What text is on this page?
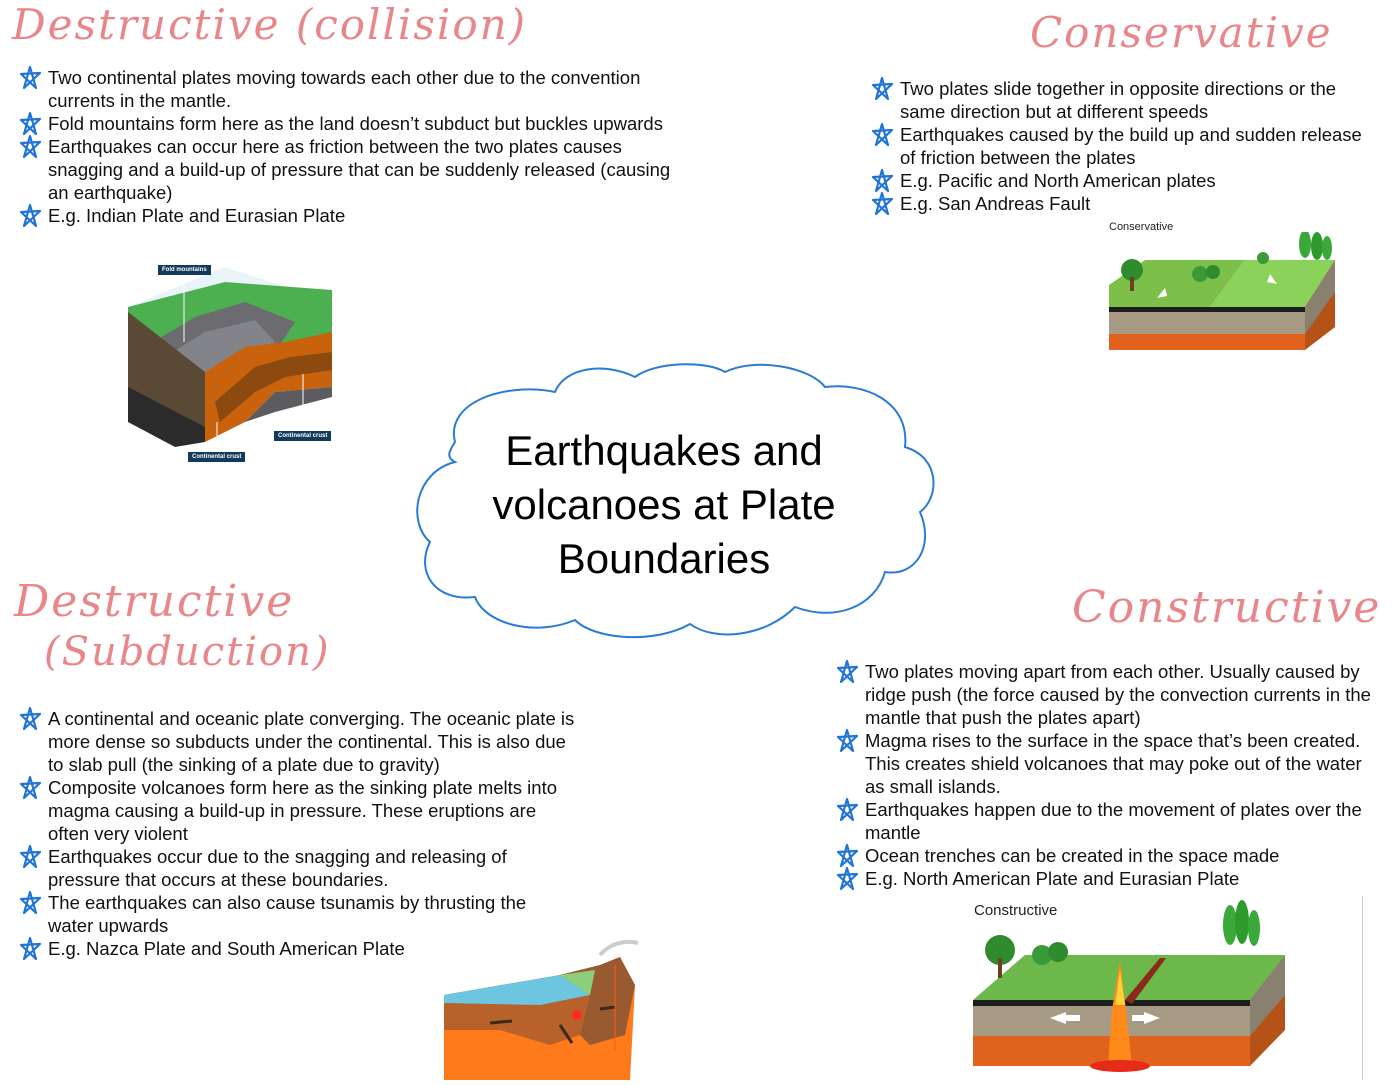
Destructive (collision)
Two continental plates moving towards each other due to the convention currents in the mantle.
Fold mountains form here as the land doesn’t subduct but buckles upwards
Earthquakes can occur here as friction between the two plates causes snagging and a build-up of pressure that can be suddenly released (causing an earthquake)
E.g. Indian Plate and Eurasian Plate
Fold mountains
Continental crust
Continental crust
Conservative
Two plates slide together in opposite directions or the same direction but at different speeds
Earthquakes caused by the build up and sudden release of friction between the plates
E.g. Pacific and North American plates
E.g. San Andreas Fault
Conservative
Earthquakes and
volcanoes at Plate
Boundaries
Destructive
(Subduction)
A continental and oceanic plate converging. The oceanic plate is more dense so subducts under the continental. This is also due to slab pull (the sinking of a plate due to gravity)
Composite volcanoes form here as the sinking plate melts into magma causing a build-up in pressure. These eruptions are often very violent
Earthquakes occur due to the snagging and releasing of pressure that occurs at these boundaries.
The earthquakes can also cause tsunamis by thrusting the water upwards
E.g. Nazca Plate and South American Plate
Constructive
Two plates moving apart from each other. Usually caused by ridge push (the force caused by the convection currents in the mantle that push the plates apart)
Magma rises to the surface in the space that’s been created. This creates shield volcanoes that may poke out of the water as small islands.
Earthquakes happen due to the movement of plates over the mantle
Ocean trenches can be created in the space made
E.g. North American Plate and Eurasian Plate
Constructive
